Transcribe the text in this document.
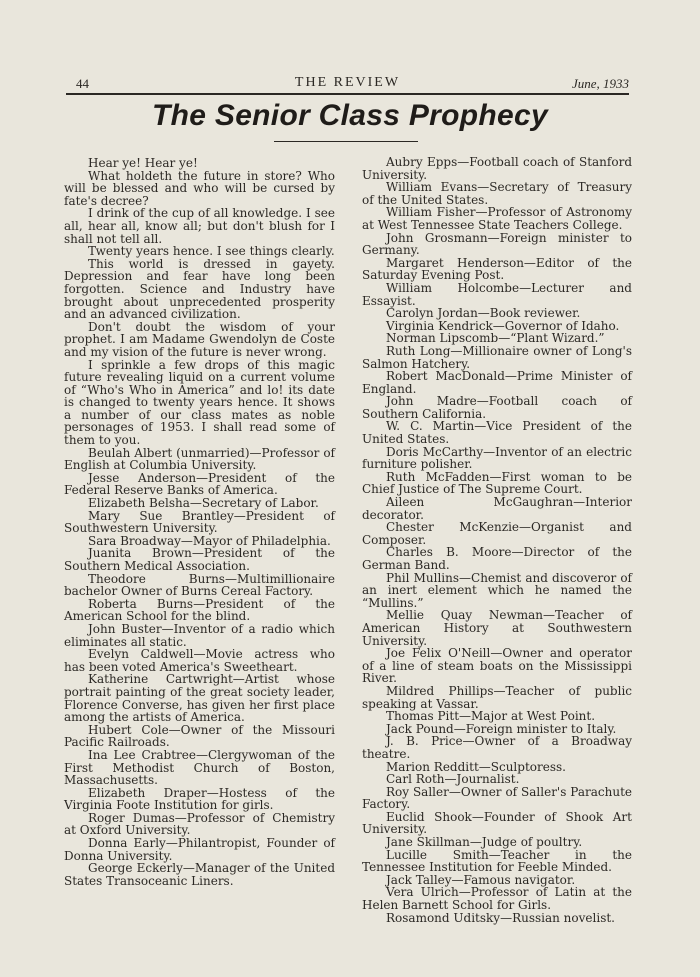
44	THE REVIEW	June, 1933
The Senior Class Prophecy

Hear ye! Hear ye!

What holdeth the future in store? Who will be blessed and who will be cursed by fate's decree?

I drink of the cup of all knowledge. I see all, hear all, know all; but don't blush for I shall not tell all.

Twenty years hence. I see things clearly.

This world is dressed in gayety. Depression and fear have long been forgotten. Science and Industry have brought about unprecedented prosperity and an advanced civilization.

Don't doubt the wisdom of your prophet. I am Madame Gwendolyn de Coste and my vision of the future is never wrong.

I sprinkle a few drops of this magic future revealing liquid on a current volume of “Who's Who in America” and lo! its date is changed to twenty years hence. It shows a number of our class mates as noble personages of 1953. I shall read some of them to you.

Beulah Albert (unmarried)—Professor of English at Columbia University.

Jesse Anderson—President of the Federal Reserve Banks of America.

Elizabeth Belsha—Secretary of Labor.

Mary Sue Brantley—President of Southwestern University.

Sara Broadway—Mayor of Philadelphia.

Juanita Brown—President of the Southern Medical Association.

Theodore Burns—Multimillionaire bachelor Owner of Burns Cereal Factory.

Roberta Burns—President of the American School for the blind.

John Buster—Inventor of a radio which eliminates all static.

Evelyn Caldwell—Movie actress who has been voted America's Sweetheart.

Katherine Cartwright—Artist whose portrait painting of the great society leader, Florence Converse, has given her first place among the artists of America.

Hubert Cole—Owner of the Missouri Pacific Railroads.

Ina Lee Crabtree—Clergywoman of the First Methodist Church of Boston, Massachusetts.

Elizabeth Draper—Hostess of the Virginia Foote Institution for girls.

Roger Dumas—Professor of Chemistry at Oxford University.

Donna Early—Philantropist, Founder of Donna University.

George Eckerly—Manager of the United States Transoceanic Liners.

Aubry Epps—Football coach of Stanford University.

William Evans—Secretary of Treasury of the United States.

William Fisher—Professor of Astronomy at West Tennessee State Teachers College.

John Grosmann—Foreign minister to Germany.

Margaret Henderson—Editor of the Saturday Evening Post.

William Holcombe—Lecturer and Essayist.

Carolyn Jordan—Book reviewer.

Virginia Kendrick—Governor of Idaho.

Norman Lipscomb—“Plant Wizard.”

Ruth Long—Millionaire owner of Long's Salmon Hatchery.

Robert MacDonald—Prime Minister of England.

John Madre—Football coach of Southern California.

W. C. Martin—Vice President of the United States.

Doris McCarthy—Inventor of an electric furniture polisher.

Ruth McFadden—First woman to be Chief Justice of The Supreme Court.

Aileen McGaughran—Interior decorator.

Chester McKenzie—Organist and Composer.

Charles B. Moore—Director of the German Band.

Phil Mullins—Chemist and discoveror of an inert element which he named the “Mullins.”

Mellie Quay Newman—Teacher of American History at Southwestern University.

Joe Felix O'Neill—Owner and operator of a line of steam boats on the Mississippi River.

Mildred Phillips—Teacher of public speaking at Vassar.

Thomas Pitt—Major at West Point.

Jack Pound—Foreign minister to Italy.

J. B. Price—Owner of a Broadway theatre.

Marion Redditt—Sculptoress.

Carl Roth—Journalist.

Roy Saller—Owner of Saller's Parachute Factory.

Euclid Shook—Founder of Shook Art University.

Jane Skillman—Judge of poultry.

Lucille Smith—Teacher in the Tennessee Institution for Feeble Minded.

Jack Talley—Famous navigator.

Vera Ulrich—Professor of Latin at the Helen Barnett School for Girls.

Rosamond Uditsky—Russian novelist.
